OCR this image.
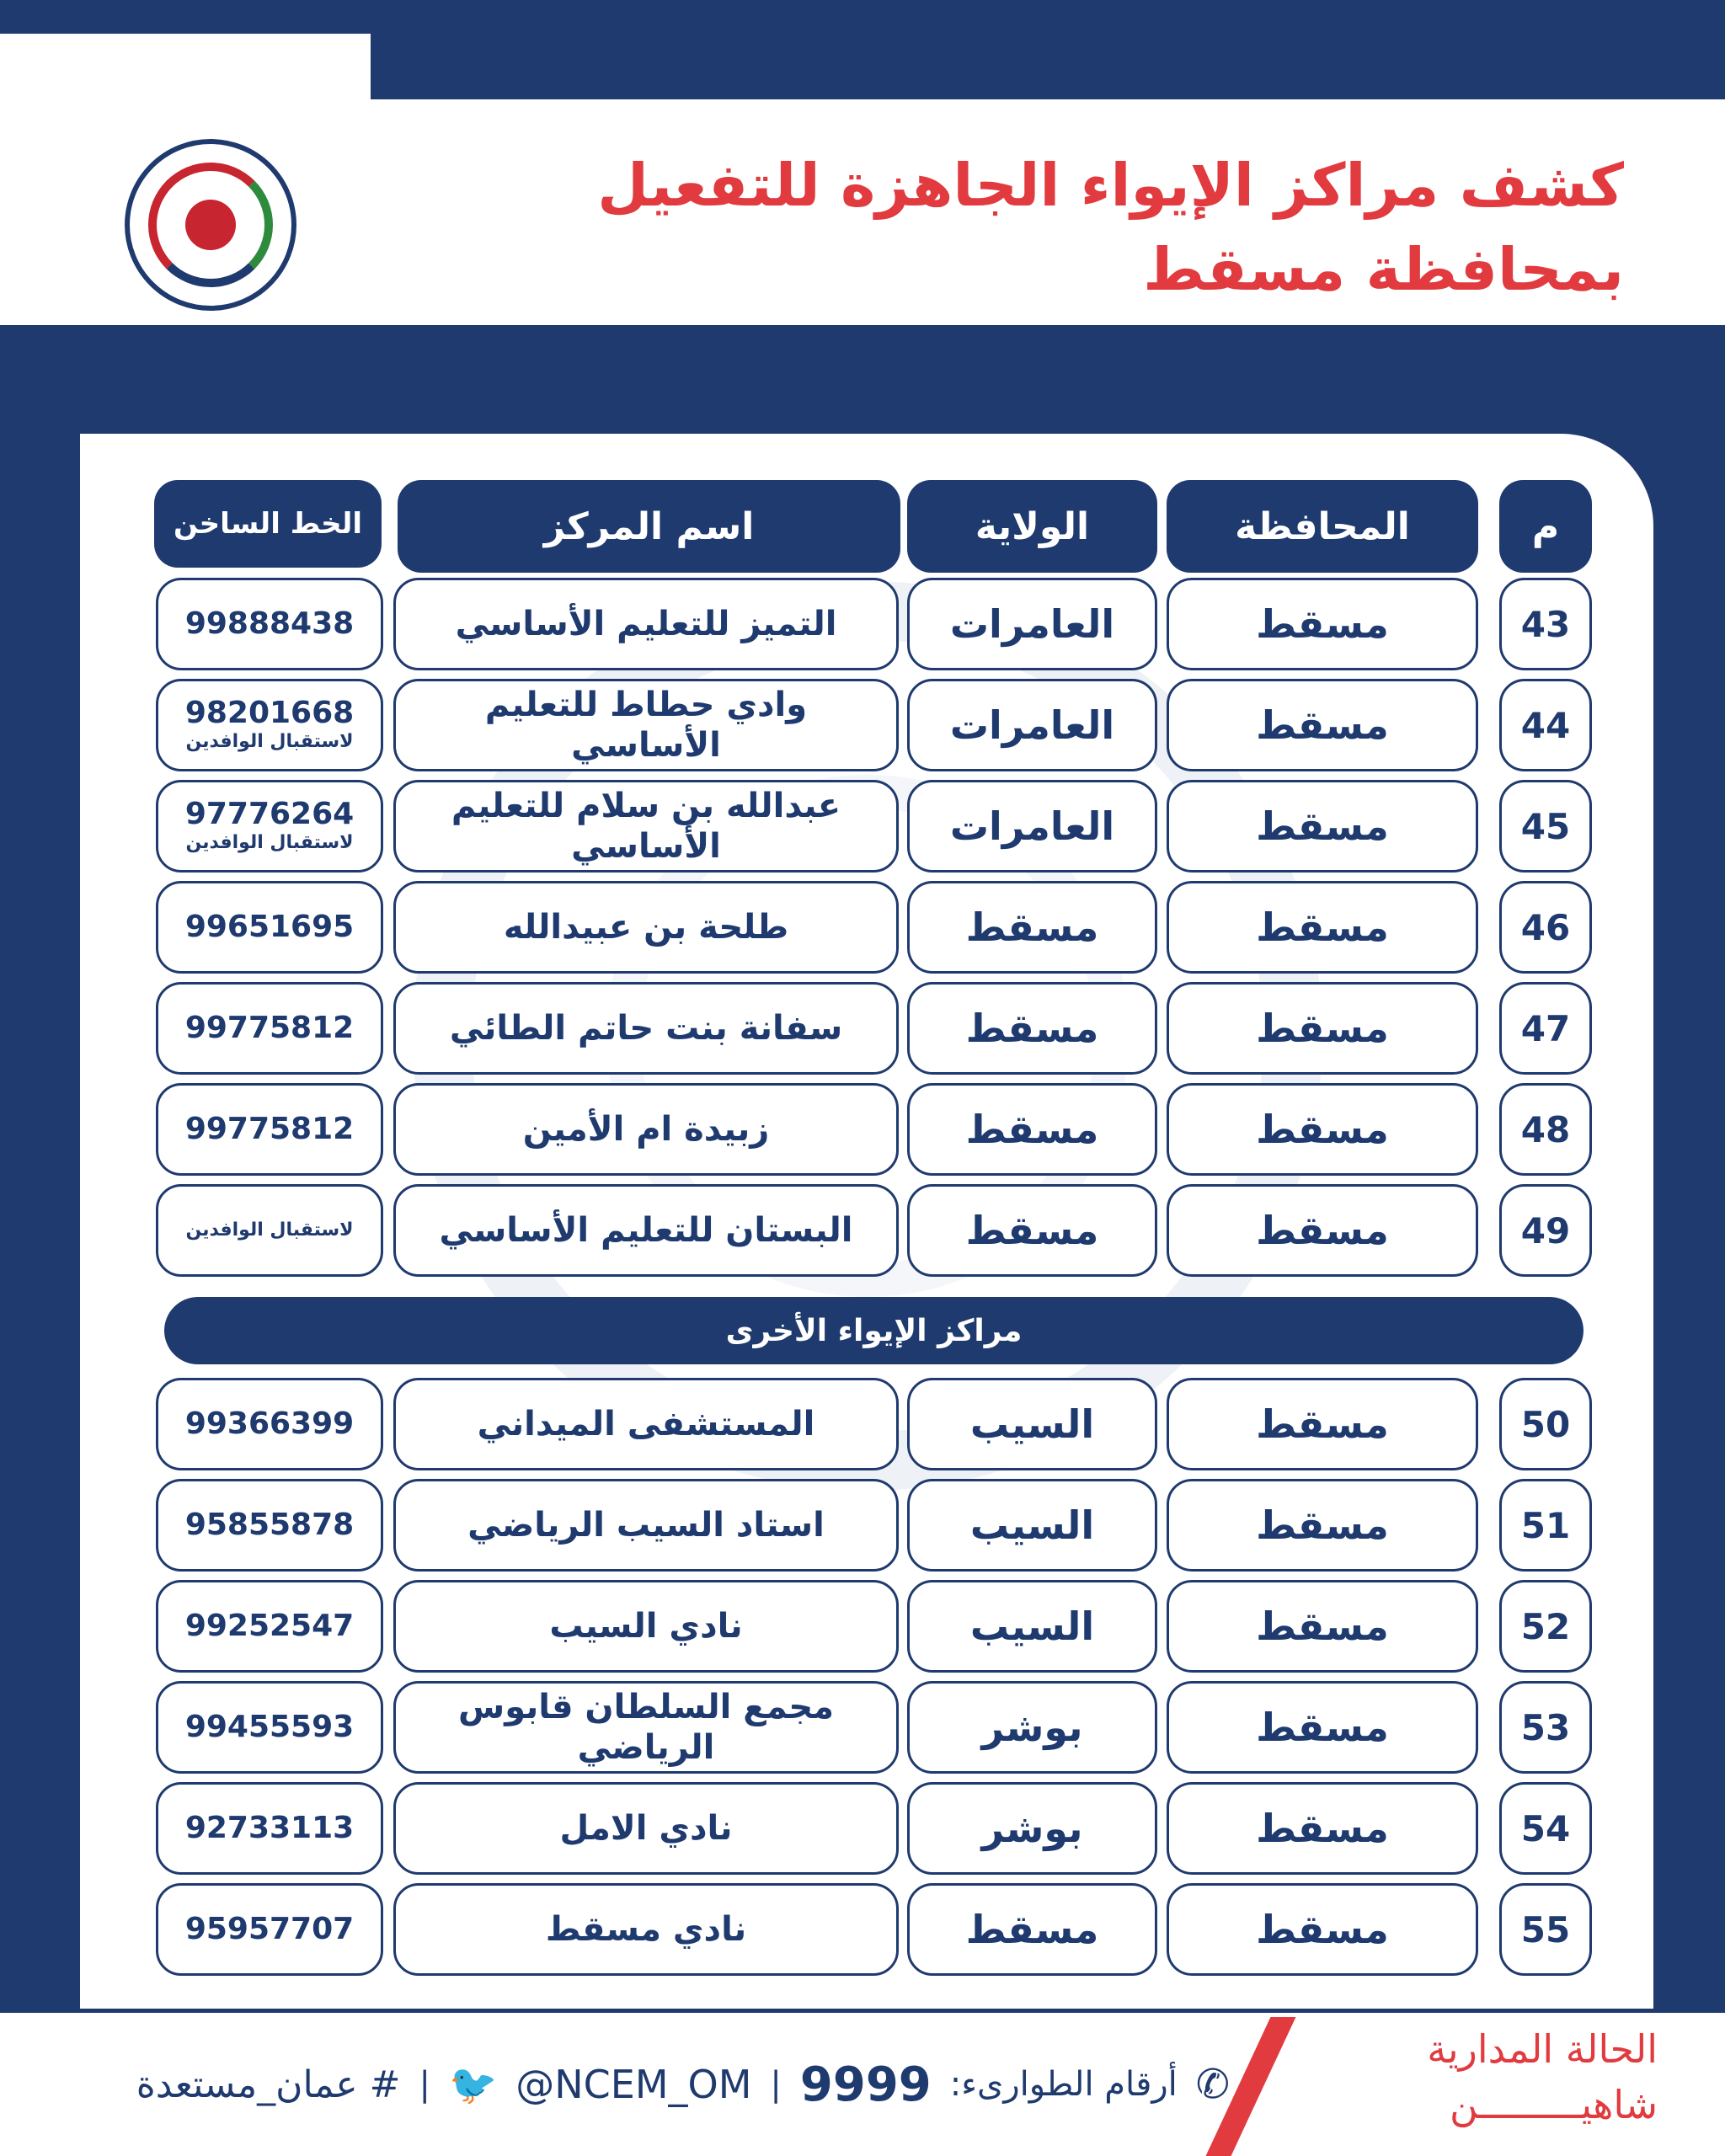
كشف مراكز الإيواء الجاهزة للتفعيل
بمحافظة مسقط
م
المحافظة
الولاية
اسم المركز
الخط الساخن
43
مسقط
العامرات
التميز للتعليم الأساسي
99888438
44
مسقط
العامرات
وادي حطاط للتعليم الأساسي
98201668
لاستقبال الوافدين
45
مسقط
العامرات
عبدالله بن سلام للتعليم الأساسي
97776264
لاستقبال الوافدين
46
مسقط
مسقط
طلحة بن عبيدالله
99651695
47
مسقط
مسقط
سفانة بنت حاتم الطائي
99775812
48
مسقط
مسقط
زبيدة ام الأمين
99775812
49
مسقط
مسقط
البستان للتعليم الأساسي
لاستقبال الوافدين
مراكز الإيواء الأخرى
50
مسقط
السيب
المستشفى الميداني
99366399
51
مسقط
السيب
استاد السيب الرياضي
95855878
52
مسقط
السيب
نادي السيب
99252547
53
مسقط
بوشر
مجمع السلطان قابوس الرياضي
99455593
54
مسقط
بوشر
نادي الامل
92733113
55
مسقط
مسقط
نادي مسقط
95957707
الحالة المدارية
شاهيـــــــــن
# عمان_مستعدة | 🐦 @NCEM_OM | 9999 أرقام الطوارىء: ✆
